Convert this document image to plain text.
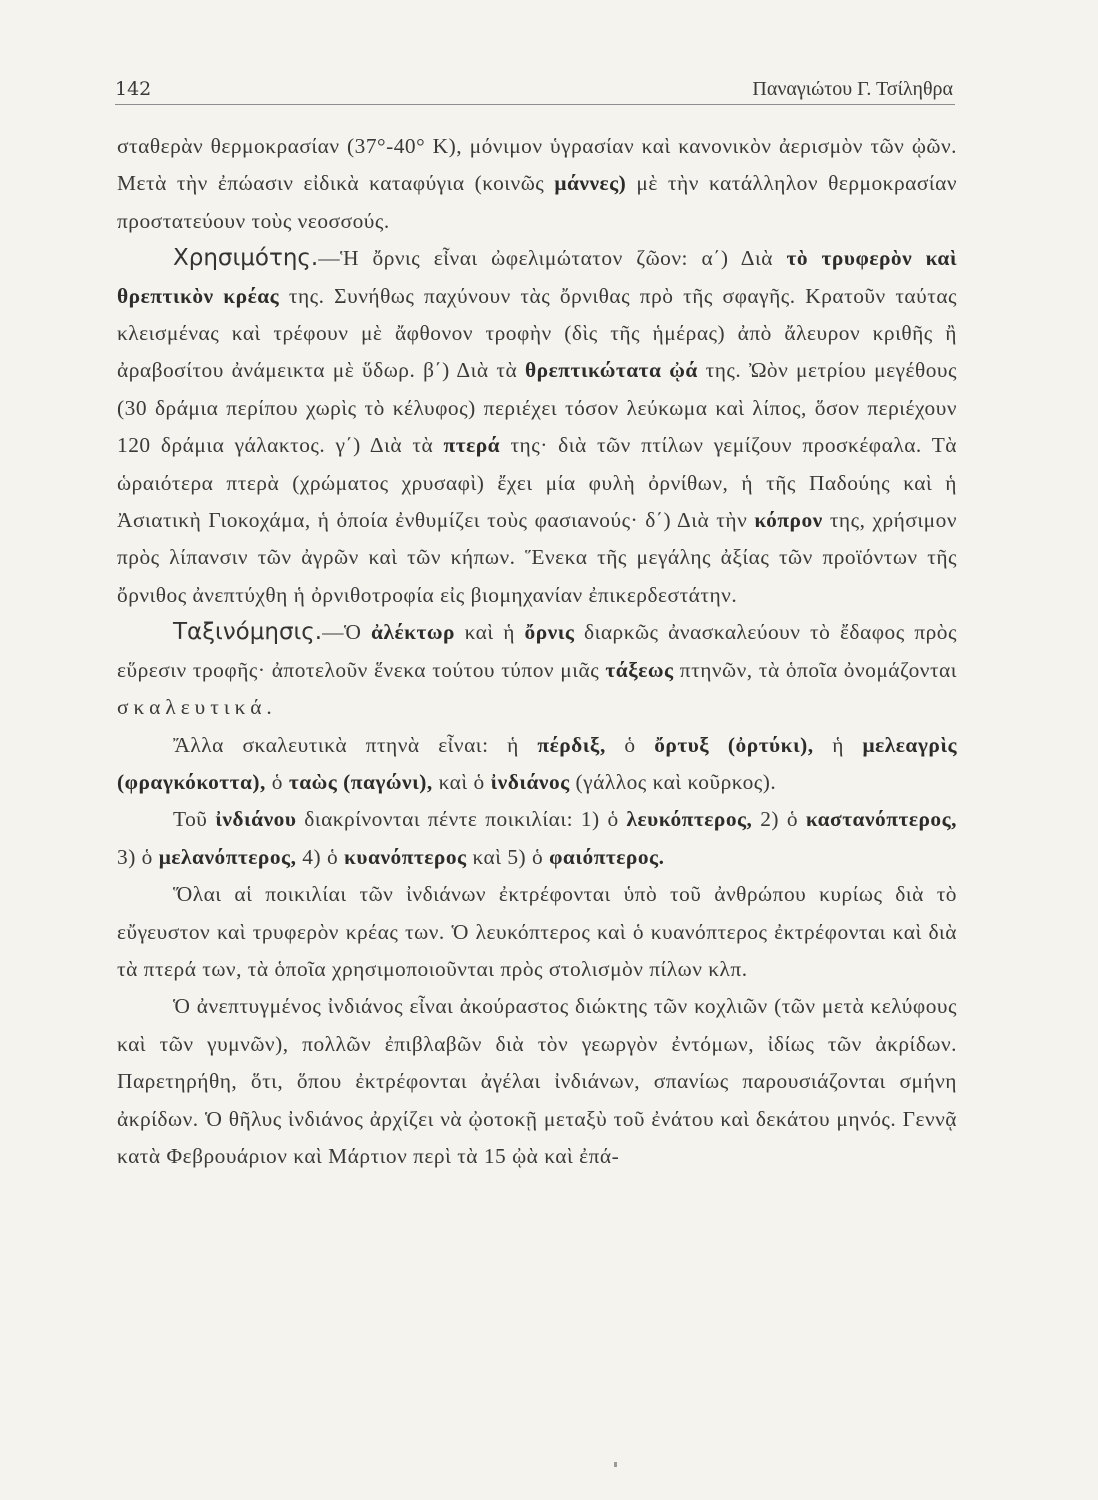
142	Παναγιώτου Γ. Τσίληθρα

σταθερὰν θερμοκρασίαν (37°-40° Κ), μόνιμον ὑγρασίαν καὶ κανονικὸν ἀερισμὸν τῶν ᾠῶν. Μετὰ τὴν ἐπώασιν εἰδικὰ καταφύγια (κοινῶς μάννες) μὲ τὴν κατάλληλον θερμοκρασίαν προστατεύουν τοὺς νεοσσούς.

Χρησιμότης.—Ἡ ὄρνις εἶναι ὠφελιμώτατον ζῶον: α΄) Διὰ τὸ τρυφερὸν καὶ θρεπτικὸν κρέας της. Συνήθως παχύνουν τὰς ὄρνιθας πρὸ τῆς σφαγῆς. Κρατοῦν ταύτας κλεισμένας καὶ τρέφουν μὲ ἄφθονον τροφὴν (δὶς τῆς ἡμέρας) ἀπὸ ἄλευρον κριθῆς ἢ ἀραβοσίτου ἀνάμεικτα μὲ ὕδωρ. β΄) Διὰ τὰ θρεπτικώτατα ᾠά της. Ὠὸν μετρίου μεγέθους (30 δράμια περίπου χωρὶς τὸ κέλυφος) περιέχει τόσον λεύκωμα καὶ λίπος, ὅσον περιέχουν 120 δράμια γάλακτος. γ΄) Διὰ τὰ πτερά της· διὰ τῶν πτίλων γεμίζουν προσκέφαλα. Τὰ ὡραιότερα πτερὰ (χρώματος χρυσαφὶ) ἔχει μία φυλὴ ὀρνίθων, ἡ τῆς Παδούης καὶ ἡ Ἀσιατικὴ Γιοκοχάμα, ἡ ὁποία ἐνθυμίζει τοὺς φασιανούς· δ΄) Διὰ τὴν κόπρον της, χρήσιμον πρὸς λίπανσιν τῶν ἀγρῶν καὶ τῶν κήπων. Ἕνεκα τῆς μεγάλης ἀξίας τῶν προϊόντων τῆς ὄρνιθος ἀνεπτύχθη ἡ ὀρνιθοτροφία εἰς βιομηχανίαν ἐπικερδεστάτην.

Ταξινόμησις.—Ὁ ἀλέκτωρ καὶ ἡ ὄρνις διαρκῶς ἀνασκαλεύουν τὸ ἔδαφος πρὸς εὕρεσιν τροφῆς· ἀποτελοῦν ἕνεκα τούτου τύπον μιᾶς τάξεως πτηνῶν, τὰ ὁποῖα ὀνομάζονται σκαλευτικά.

Ἄλλα σκαλευτικὰ πτηνὰ εἶναι: ἡ πέρδιξ, ὁ ὄρτυξ (ὀρτύκι), ἡ μελεαγρὶς (φραγκόκοττα), ὁ ταὼς (παγώνι), καὶ ὁ ἰνδιάνος (γάλλος καὶ κοῦρκος).

Τοῦ ἰνδιάνου διακρίνονται πέντε ποικιλίαι: 1) ὁ λευκόπτερος, 2) ὁ καστανόπτερος, 3) ὁ μελανόπτερος, 4) ὁ κυανόπτερος καὶ 5) ὁ φαιόπτερος.

Ὅλαι αἱ ποικιλίαι τῶν ἰνδιάνων ἐκτρέφονται ὑπὸ τοῦ ἀνθρώπου κυρίως διὰ τὸ εὔγευστον καὶ τρυφερὸν κρέας των. Ὁ λευκόπτερος καὶ ὁ κυανόπτερος ἐκτρέφονται καὶ διὰ τὰ πτερά των, τὰ ὁποῖα χρησιμοποιοῦνται πρὸς στολισμὸν πίλων κλπ.

Ὁ ἀνεπτυγμένος ἰνδιάνος εἶναι ἀκούραστος διώκτης τῶν κοχλιῶν (τῶν μετὰ κελύφους καὶ τῶν γυμνῶν), πολλῶν ἐπιβλαβῶν διὰ τὸν γεωργὸν ἐντόμων, ἰδίως τῶν ἀκρίδων. Παρετηρήθη, ὅτι, ὅπου ἐκτρέφονται ἀγέλαι ἰνδιάνων, σπανίως παρουσιάζονται σμήνη ἀκρίδων. Ὁ θῆλυς ἰνδιάνος ἀρχίζει νὰ ᾠοτοκῇ μεταξὺ τοῦ ἐνάτου καὶ δεκάτου μηνός. Γεννᾷ κατὰ Φεβρουάριον καὶ Μάρτιον περὶ τὰ 15 ᾠὰ καὶ ἐπά-
